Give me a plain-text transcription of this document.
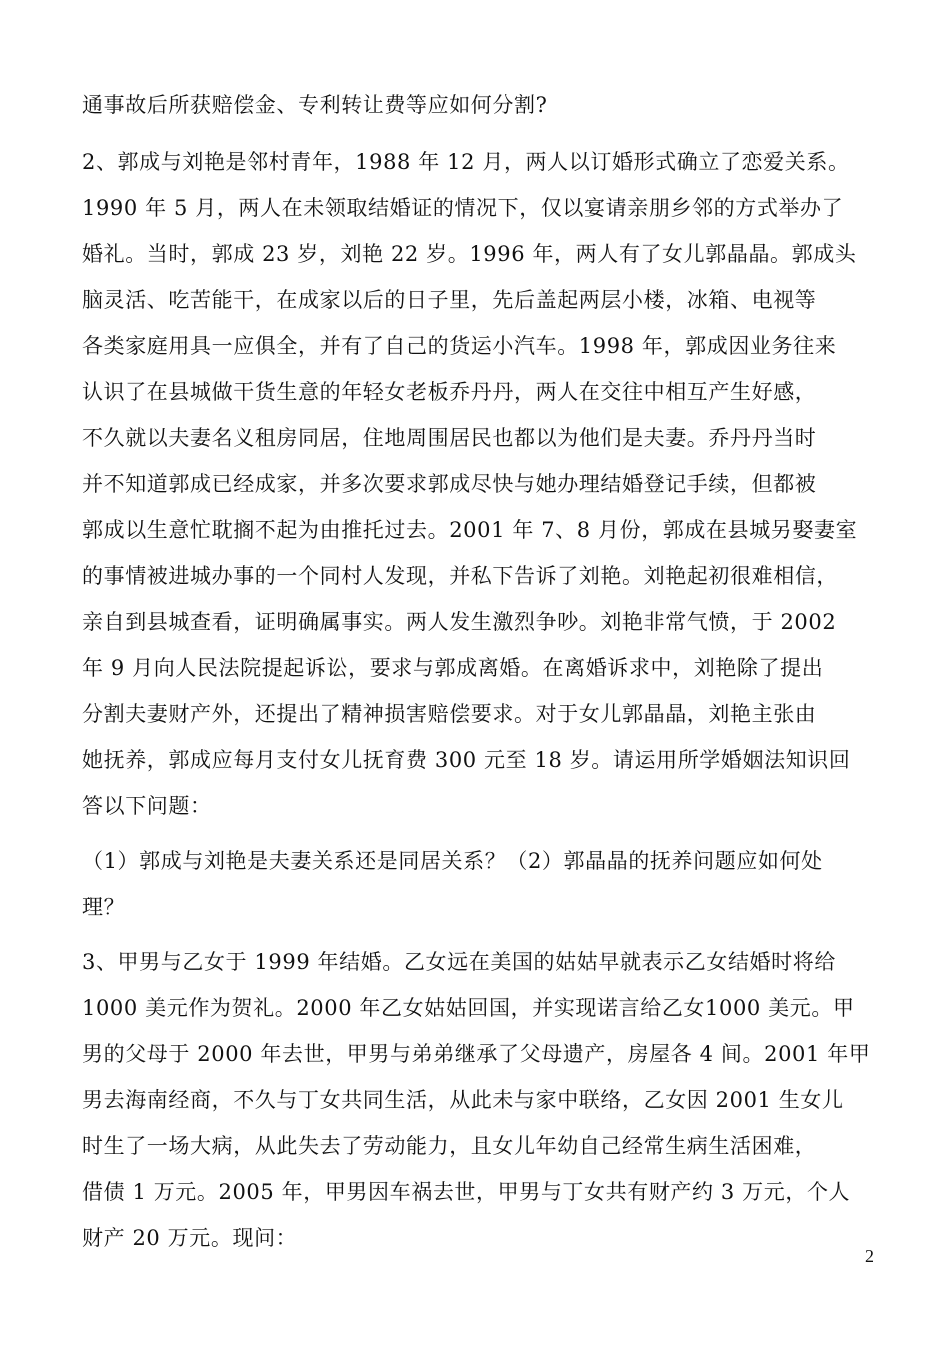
通事故后所获赔偿金、专利转让费等应如何分割?
2、郭成与刘艳是邻村青年，1988 年 12 月，两人以订婚形式确立了恋爱关系。
1990 年 5 月，两人在未领取结婚证的情况下，仅以宴请亲朋乡邻的方式举办了
婚礼。当时，郭成 23 岁，刘艳 22 岁。1996 年，两人有了女儿郭晶晶。郭成头
脑灵活、吃苦能干，在成家以后的日子里，先后盖起两层小楼，冰箱、电视等
各类家庭用具一应俱全，并有了自己的货运小汽车。1998 年，郭成因业务往来
认识了在县城做干货生意的年轻女老板乔丹丹，两人在交往中相互产生好感，
不久就以夫妻名义租房同居，住地周围居民也都以为他们是夫妻。乔丹丹当时
并不知道郭成已经成家，并多次要求郭成尽快与她办理结婚登记手续，但都被
郭成以生意忙耽搁不起为由推托过去。2001 年 7、8 月份，郭成在县城另娶妻室
的事情被进城办事的一个同村人发现，并私下告诉了刘艳。刘艳起初很难相信，
亲自到县城查看，证明确属事实。两人发生激烈争吵。刘艳非常气愤，于 2002
年 9 月向人民法院提起诉讼，要求与郭成离婚。在离婚诉求中，刘艳除了提出
分割夫妻财产外，还提出了精神损害赔偿要求。对于女儿郭晶晶，刘艳主张由
她抚养，郭成应每月支付女儿抚育费 300 元至 18 岁。请运用所学婚姻法知识回
答以下问题：
（1）郭成与刘艳是夫妻关系还是同居关系？（2）郭晶晶的抚养问题应如何处
理？
3、甲男与乙女于 1999 年结婚。乙女远在美国的姑姑早就表示乙女结婚时将给
1000 美元作为贺礼。2000 年乙女姑姑回国，并实现诺言给乙女1000 美元。甲
男的父母于 2000 年去世，甲男与弟弟继承了父母遗产，房屋各 4 间。2001 年甲
男去海南经商，不久与丁女共同生活，从此未与家中联络，乙女因 2001 生女儿
时生了一场大病，从此失去了劳动能力，且女儿年幼自己经常生病生活困难，
借债 1 万元。2005 年，甲男因车祸去世，甲男与丁女共有财产约 3 万元，个人
财产 20 万元。现问：
2
